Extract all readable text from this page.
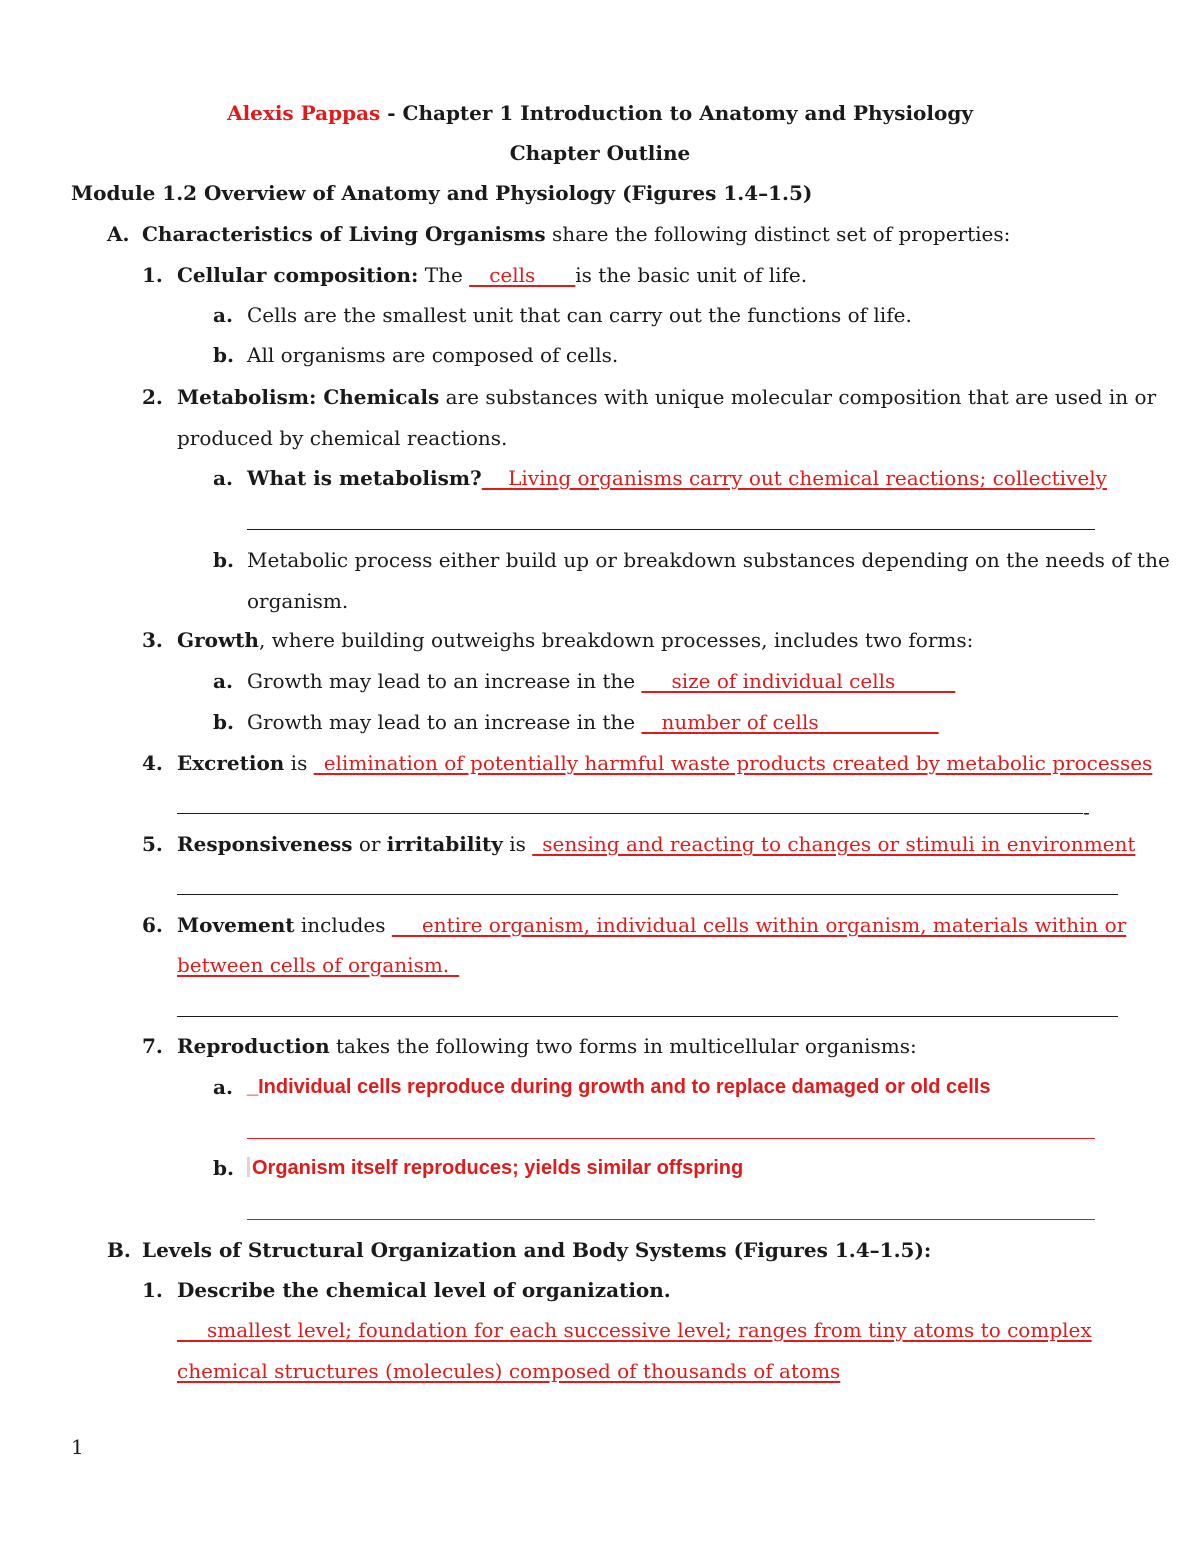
Alexis Pappas - Chapter 1 Introduction to Anatomy and Physiology
Chapter Outline
Module 1.2 Overview of Anatomy and Physiology (Figures 1.4–1.5)
A. Characteristics of Living Organisms share the following distinct set of properties:
1. Cellular composition: The __cells____is the basic unit of life.
a. Cells are the smallest unit that can carry out the functions of life.
b. All organisms are composed of cells.
2. Metabolism: Chemicals are substances with unique molecular composition that are used in or
produced by chemical reactions.
a. What is metabolism? __Living organisms carry out chemical reactions; collectively
b. Metabolic process either build up or breakdown substances depending on the needs of the
organism.
3. Growth, where building outweighs breakdown processes, includes two forms:
a. Growth may lead to an increase in the ___size of individual cells______
b. Growth may lead to an increase in the __number of cells____________
4. Excretion is _elimination of potentially harmful waste products created by metabolic processes
-
5. Responsiveness or irritability is _sensing and reacting to changes or stimuli in environment
6. Movement includes ___entire organism, individual cells within organism, materials within or
between cells of organism._
7. Reproduction takes the following two forms in multicellular organisms:
a. _Individual cells reproduce during growth and to replace damaged or old cells
b. Organism itself reproduces; yields similar offspring
B. Levels of Structural Organization and Body Systems (Figures 1.4–1.5):
1. Describe the chemical level of organization.
___smallest level; foundation for each successive level; ranges from tiny atoms to complex
chemical structures (molecules) composed of thousands of atoms
1
